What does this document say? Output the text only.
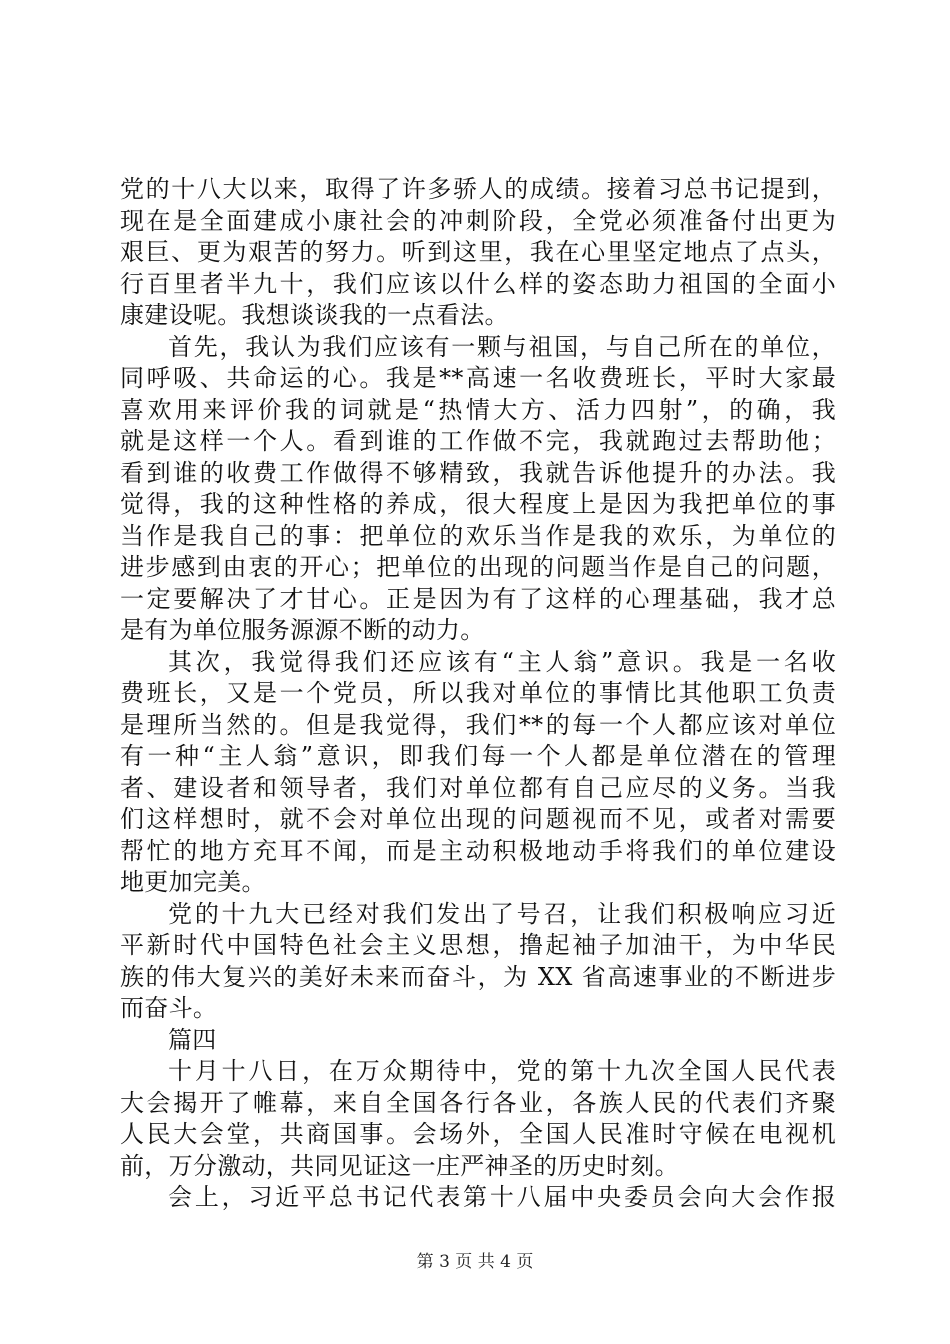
党的十八大以来，取得了许多骄人的成绩。接着习总书记提到，
现在是全面建成小康社会的冲刺阶段，全党必须准备付出更为
艰巨、更为艰苦的努力。听到这里，我在心里坚定地点了点头，
行百里者半九十，我们应该以什么样的姿态助力祖国的全面小
康建设呢。我想谈谈我的一点看法。
首先，我认为我们应该有一颗与祖国，与自己所在的单位，
同呼吸、共命运的心。我是**高速一名收费班长，平时大家最
喜欢用来评价我的词就是“热情大方、活力四射”，的确，我
就是这样一个人。看到谁的工作做不完，我就跑过去帮助他；
看到谁的收费工作做得不够精致，我就告诉他提升的办法。我
觉得，我的这种性格的养成，很大程度上是因为我把单位的事
当作是我自己的事：把单位的欢乐当作是我的欢乐，为单位的
进步感到由衷的开心；把单位的出现的问题当作是自己的问题，
一定要解决了才甘心。正是因为有了这样的心理基础，我才总
是有为单位服务源源不断的动力。
其次，我觉得我们还应该有“主人翁”意识。我是一名收
费班长，又是一个党员，所以我对单位的事情比其他职工负责
是理所当然的。但是我觉得，我们**的每一个人都应该对单位
有一种“主人翁”意识，即我们每一个人都是单位潜在的管理
者、建设者和领导者，我们对单位都有自己应尽的义务。当我
们这样想时，就不会对单位出现的问题视而不见，或者对需要
帮忙的地方充耳不闻，而是主动积极地动手将我们的单位建设
地更加完美。
党的十九大已经对我们发出了号召，让我们积极响应习近
平新时代中国特色社会主义思想，撸起袖子加油干，为中华民
族的伟大复兴的美好未来而奋斗，为 XX 省高速事业的不断进步
而奋斗。
篇四
十月十八日，在万众期待中，党的第十九次全国人民代表
大会揭开了帷幕，来自全国各行各业，各族人民的代表们齐聚
人民大会堂，共商国事。会场外，全国人民准时守候在电视机
前，万分激动，共同见证这一庄严神圣的历史时刻。
会上，习近平总书记代表第十八届中央委员会向大会作报
第 3 页 共 4 页
